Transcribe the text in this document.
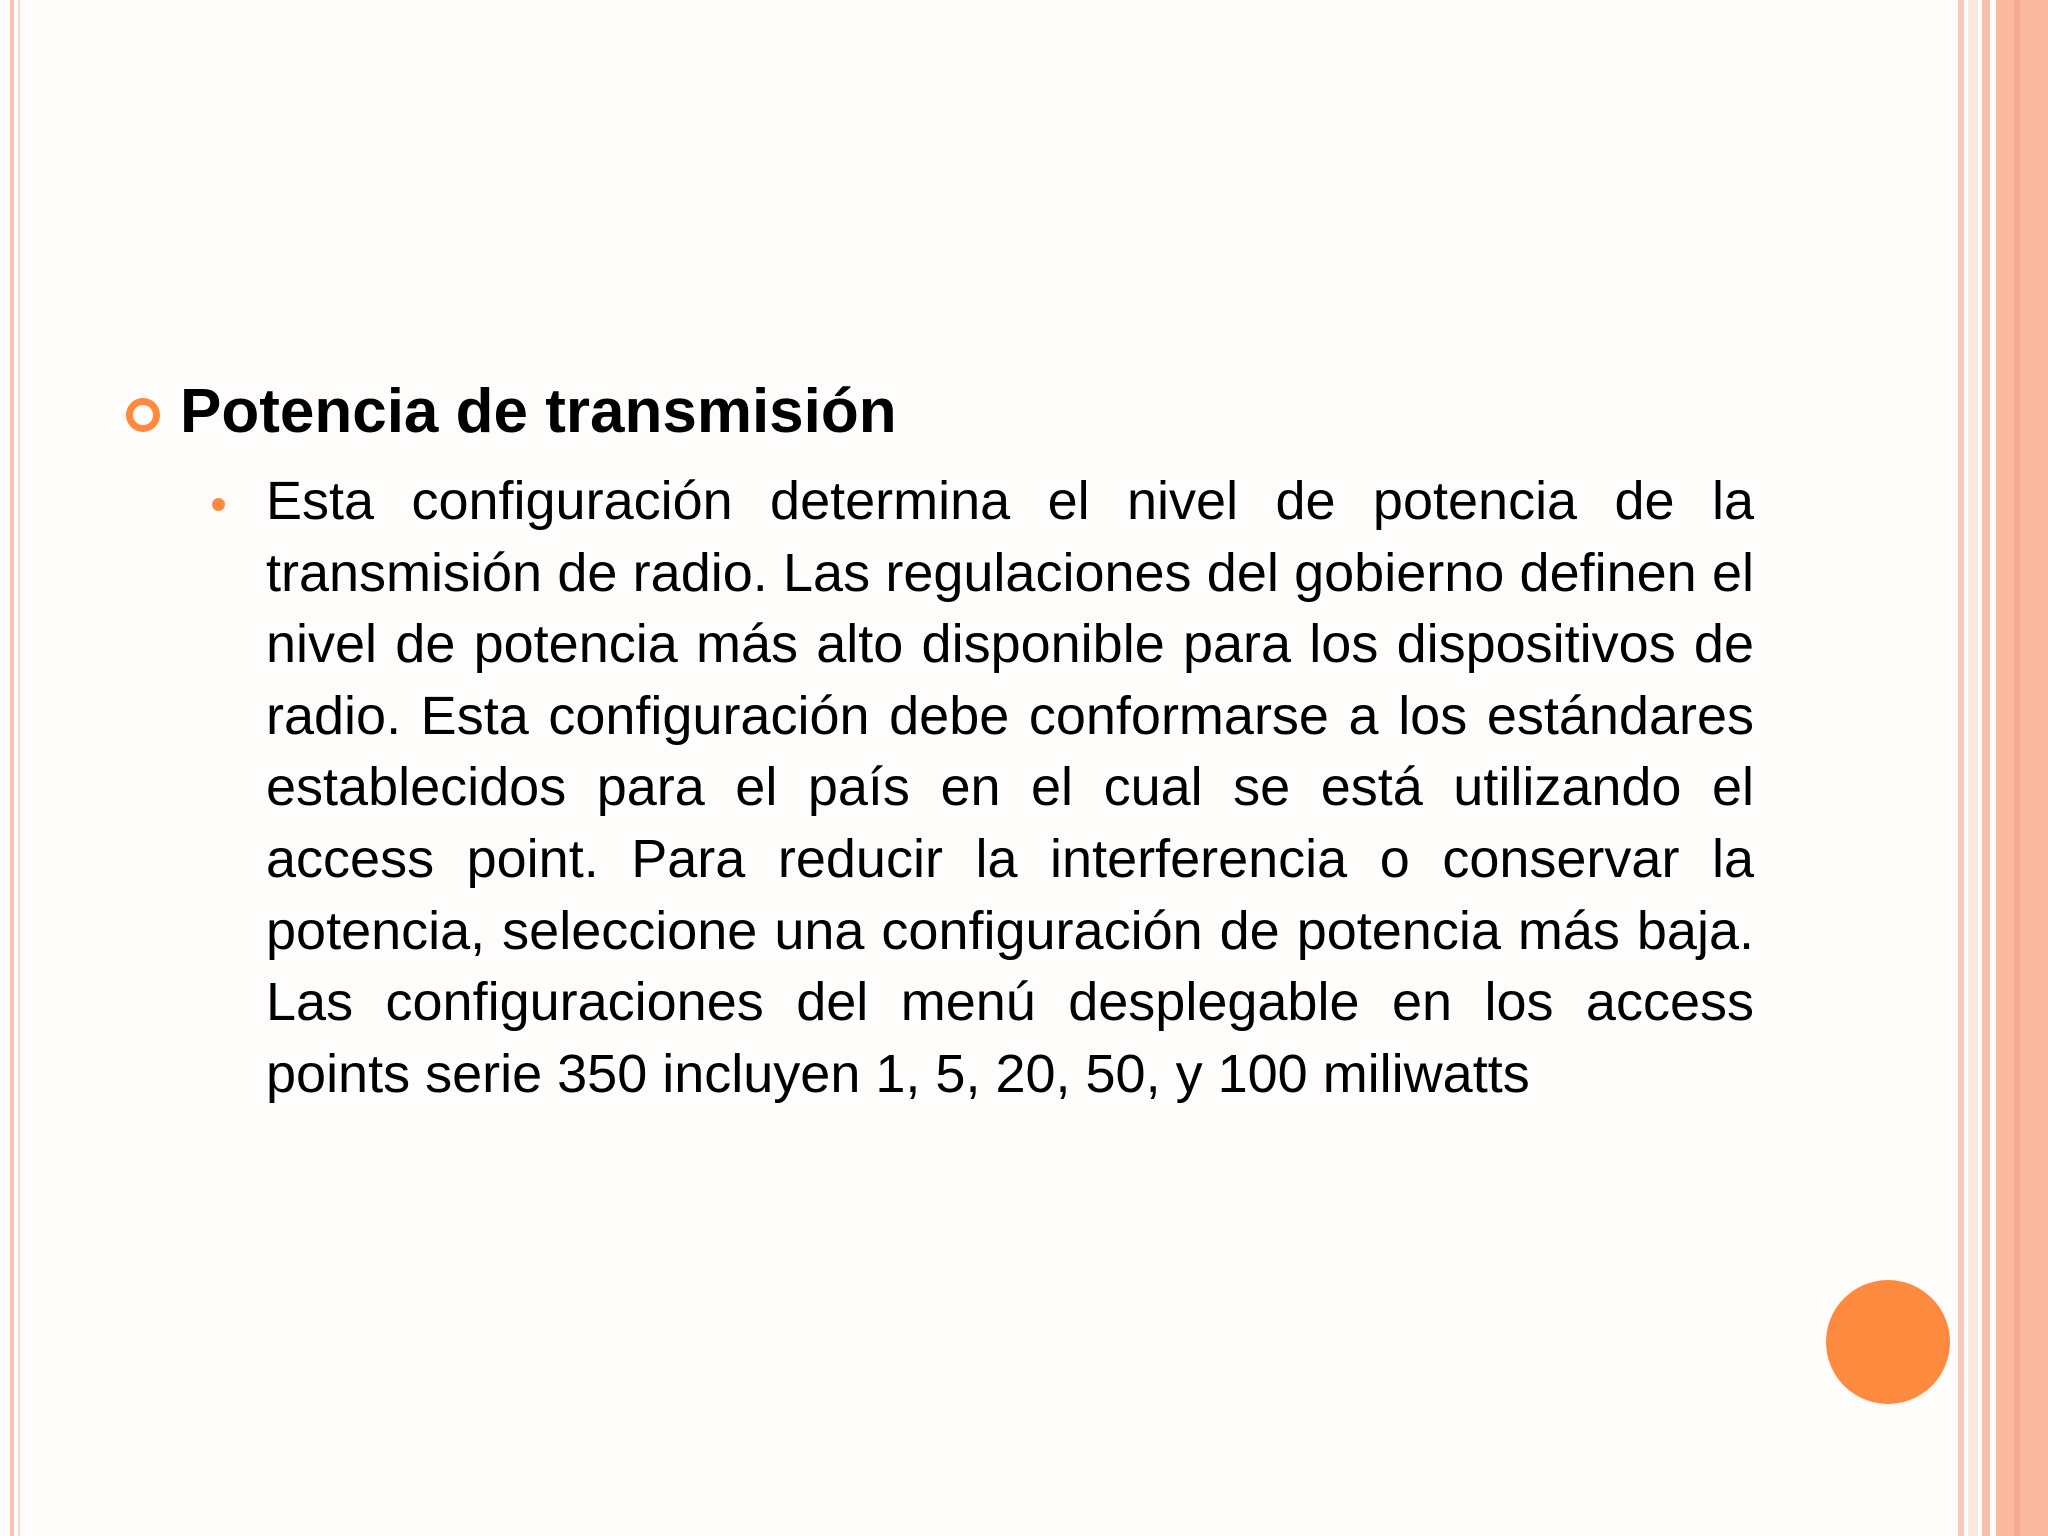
Potencia de transmisión

Esta configuración determina el nivel de potencia de la transmisión de radio. Las regulaciones del gobierno definen el nivel de potencia más alto disponible para los dispositivos de radio. Esta configuración debe conformarse a los estándares establecidos para el país en el cual se está utilizando el access point. Para reducir la interferencia o conservar la potencia, seleccione una configuración de potencia más baja. Las configuraciones del menú desplegable en los access points serie 350 incluyen 1, 5, 20, 50, y 100 miliwatts
